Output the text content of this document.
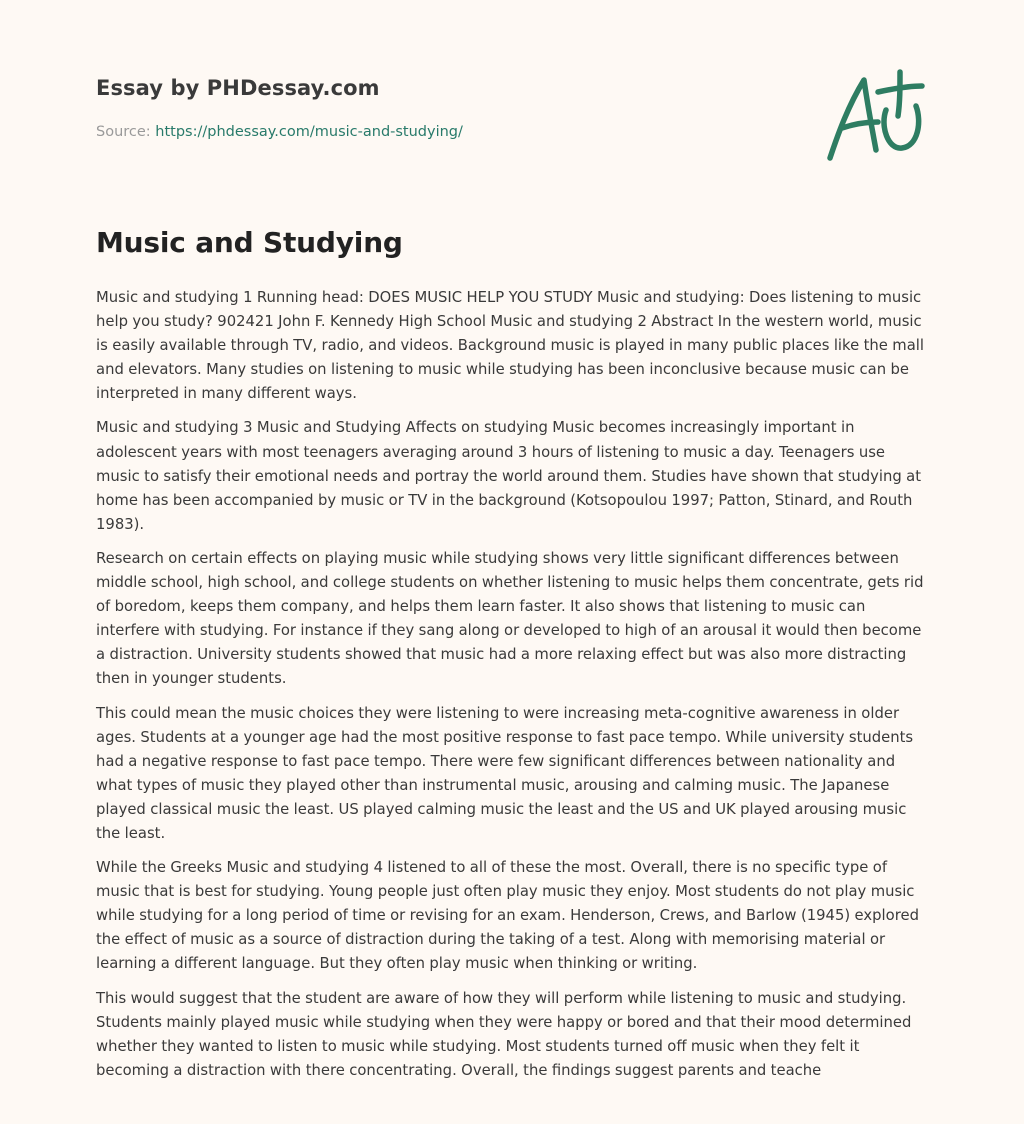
Essay by PHDessay.com

Source: https://phdessay.com/music-and-studying/

Music and Studying

Music and studying 1 Running head: DOES MUSIC HELP YOU STUDY Music and studying: Does listening to music help you study? 902421 John F. Kennedy High School Music and studying 2 Abstract In the western world, music is easily available through TV, radio, and videos. Background music is played in many public places like the mall and elevators. Many studies on listening to music while studying has been inconclusive because music can be interpreted in many different ways.

Music and studying 3 Music and Studying Affects on studying Music becomes increasingly important in adolescent years with most teenagers averaging around 3 hours of listening to music a day. Teenagers use music to satisfy their emotional needs and portray the world around them. Studies have shown that studying at home has been accompanied by music or TV in the background (Kotsopoulou 1997; Patton, Stinard, and Routh 1983).

Research on certain effects on playing music while studying shows very little significant differences between middle school, high school, and college students on whether listening to music helps them concentrate, gets rid of boredom, keeps them company, and helps them learn faster. It also shows that listening to music can interfere with studying. For instance if they sang along or developed to high of an arousal it would then become a distraction. University students showed that music had a more relaxing effect but was also more distracting then in younger students.

This could mean the music choices they were listening to were increasing meta-cognitive awareness in older ages. Students at a younger age had the most positive response to fast pace tempo. While university students had a negative response to fast pace tempo. There were few significant differences between nationality and what types of music they played other than instrumental music, arousing and calming music. The Japanese played classical music the least. US played calming music the least and the US and UK played arousing music the least.

While the Greeks Music and studying 4 listened to all of these the most. Overall, there is no specific type of music that is best for studying. Young people just often play music they enjoy. Most students do not play music while studying for a long period of time or revising for an exam. Henderson, Crews, and Barlow (1945) explored the effect of music as a source of distraction during the taking of a test. Along with memorising material or learning a different language. But they often play music when thinking or writing.

This would suggest that the student are aware of how they will perform while listening to music and studying. Students mainly played music while studying when they were happy or bored and that their mood determined whether they wanted to listen to music while studying. Most students turned off music when they felt it becoming a distraction with there concentrating. Overall, the findings suggest parents and teache
